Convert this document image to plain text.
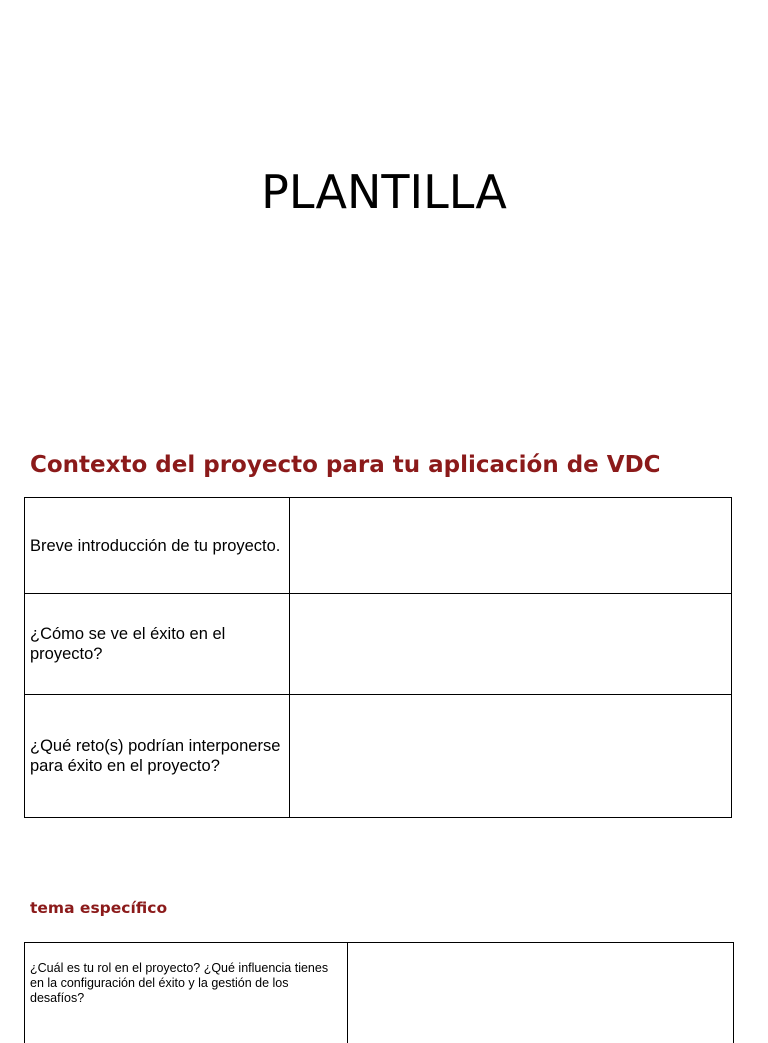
PLANTILLA
Contexto del proyecto para tu aplicación de VDC
Breve introducción de tu proyecto.	
¿Cómo se ve el éxito en el proyecto?	
¿Qué reto(s) podrían interponerse para éxito en el proyecto?	
tema específico
¿Cuál es tu rol en el proyecto? ¿Qué influencia tienes en la configuración del éxito y la gestión de los desafíos?	
